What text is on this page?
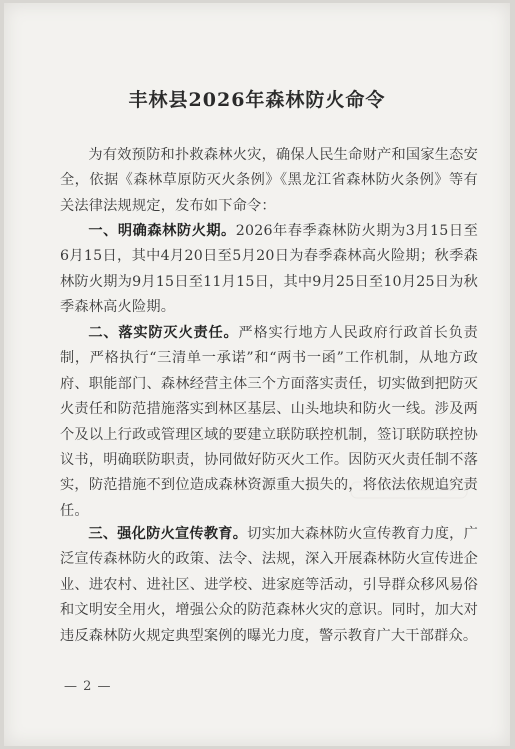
丰林县2026年森林防火命令

为有效预防和扑救森林火灾，确保人民生命财产和国家生态安全，依据《森林草原防灭火条例》《黑龙江省森林防火条例》等有关法律法规规定，发布如下命令：

一、明确森林防火期。2026年春季森林防火期为3月15日至6月15日，其中4月20日至5月20日为春季森林高火险期；秋季森林防火期为9月15日至11月15日，其中9月25日至10月25日为秋季森林高火险期。

二、落实防灭火责任。严格实行地方人民政府行政首长负责制，严格执行“三清单一承诺”和“两书一函”工作机制，从地方政府、职能部门、森林经营主体三个方面落实责任，切实做到把防灭火责任和防范措施落实到林区基层、山头地块和防火一线。涉及两个及以上行政或管理区域的要建立联防联控机制，签订联防联控协议书，明确联防职责，协同做好防灭火工作。因防灭火责任制不落实，防范措施不到位造成森林资源重大损失的，将依法依规追究责任。

三、强化防火宣传教育。切实加大森林防火宣传教育力度，广泛宣传森林防火的政策、法令、法规，深入开展森林防火宣传进企业、进农村、进社区、进学校、进家庭等活动，引导群众移风易俗和文明安全用火，增强公众的防范森林火灾的意识。同时，加大对违反森林防火规定典型案例的曝光力度，警示教育广大干部群众。

— 2 —
